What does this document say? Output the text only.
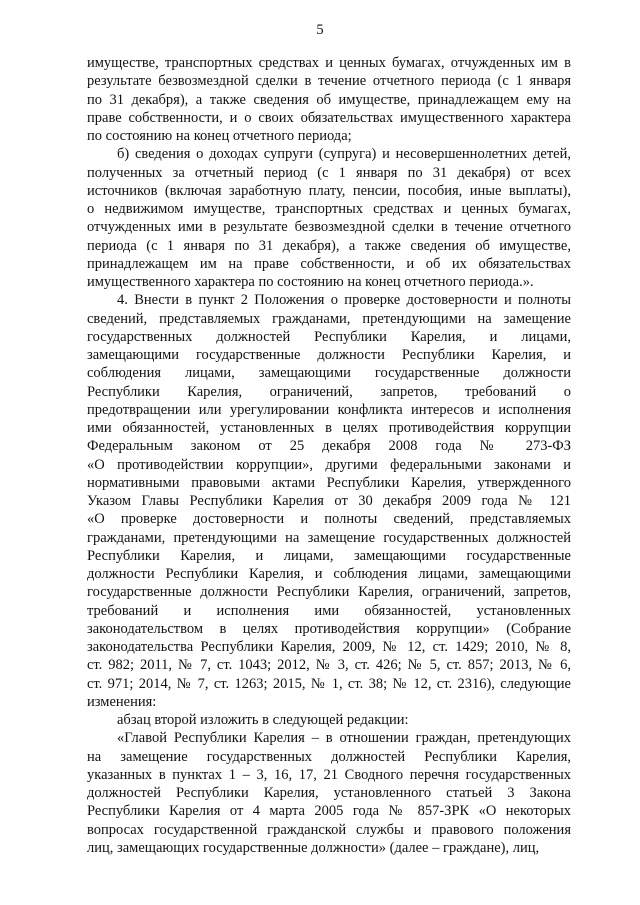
5
имуществе, транспортных средствах и ценных бумагах, отчужденных им в
результате безвозмездной сделки в течение отчетного периода (с 1 января
по 31 декабря), а также сведения об имуществе, принадлежащем ему на
праве собственности, и о своих обязательствах имущественного характера
по состоянию на конец отчетного периода;
б) сведения о доходах супруги (супруга) и несовершеннолетних детей,
полученных за отчетный период (с 1 января по 31 декабря) от всех
источников (включая заработную плату, пенсии, пособия, иные выплаты),
о недвижимом имуществе, транспортных средствах и ценных бумагах,
отчужденных ими в результате безвозмездной сделки в течение отчетного
периода (с 1 января по 31 декабря), а также сведения об имуществе,
принадлежащем им на праве собственности, и об их обязательствах
имущественного характера по состоянию на конец отчетного периода.».
4. Внести в пункт 2 Положения о проверке достоверности и полноты
сведений, представляемых гражданами, претендующими на замещение
государственных должностей Республики Карелия, и лицами,
замещающими государственные должности Республики Карелия, и
соблюдения лицами, замещающими государственные должности
Республики Карелия, ограничений, запретов, требований о
предотвращении или урегулировании конфликта интересов и исполнения
ими обязанностей, установленных в целях противодействия коррупции
Федеральным законом от 25 декабря 2008 года № 273-ФЗ
«О противодействии коррупции», другими федеральными законами и
нормативными правовыми актами Республики Карелия, утвержденного
Указом Главы Республики Карелия от 30 декабря 2009 года № 121
«О проверке достоверности и полноты сведений, представляемых
гражданами, претендующими на замещение государственных должностей
Республики Карелия, и лицами, замещающими государственные
должности Республики Карелия, и соблюдения лицами, замещающими
государственные должности Республики Карелия, ограничений, запретов,
требований и исполнения ими обязанностей, установленных
законодательством в целях противодействия коррупции» (Собрание
законодательства Республики Карелия, 2009, № 12, ст. 1429; 2010, № 8,
ст. 982; 2011, № 7, ст. 1043; 2012, № 3, ст. 426; № 5, ст. 857; 2013, № 6,
ст. 971; 2014, № 7, ст. 1263; 2015, № 1, ст. 38; № 12, ст. 2316), следующие
изменения:
абзац второй изложить в следующей редакции:
«Главой Республики Карелия – в отношении граждан, претендующих
на замещение государственных должностей Республики Карелия,
указанных в пунктах 1 – 3, 16, 17, 21 Сводного перечня государственных
должностей Республики Карелия, установленного статьей 3 Закона
Республики Карелия от 4 марта 2005 года № 857-ЗРК «О некоторых
вопросах государственной гражданской службы и правового положения
лиц, замещающих государственные должности» (далее – граждане), лиц,
